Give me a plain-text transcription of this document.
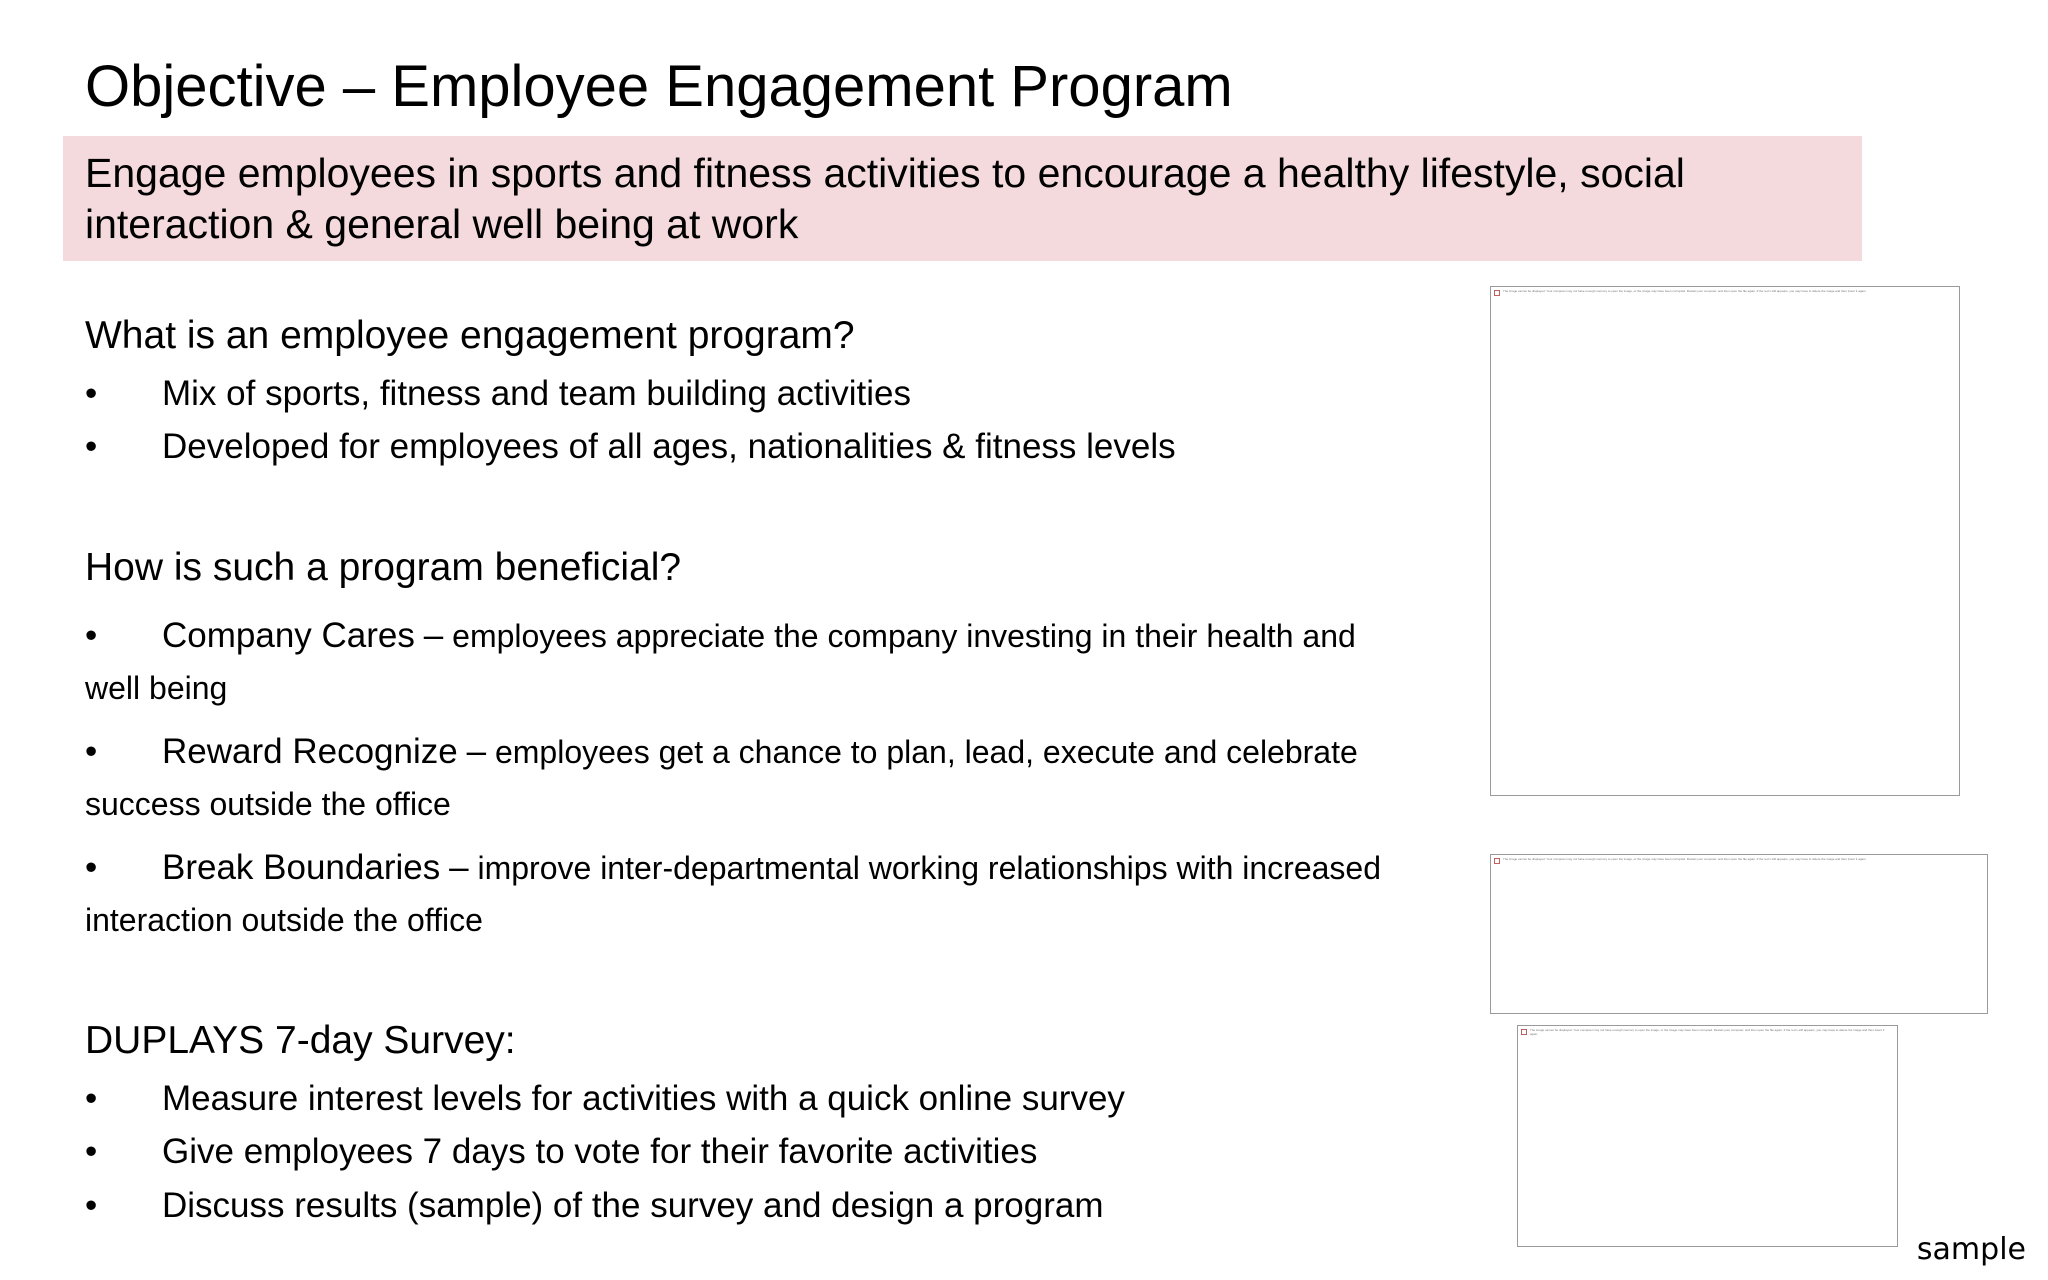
Objective – Employee Engagement Program

Engage employees in sports and fitness activities to encourage a healthy lifestyle, social interaction & general well being at work

What is an employee engagement program?
•	Mix of sports, fitness and team building activities
•	Developed for employees of all ages, nationalities & fitness levels
How is such a program beneficial?
• Company Cares – employees appreciate the company investing in their health and well being
• Reward Recognize – employees get a chance to plan, lead, execute and celebrate success outside the office
• Break Boundaries – improve inter-departmental working relationships with increased interaction outside the office
DUPLAYS 7-day Survey:
•	Measure interest levels for activities with a quick online survey
•	Give employees 7 days to vote for their favorite activities
•	Discuss results (sample) of the survey and design a program
The image cannot be displayed. Your computer may not have enough memory to open the image, or the image may have been corrupted. Restart your computer, and then open the file again. If the red x still appears, you may have to delete the image and then insert it again.
The image cannot be displayed. Your computer may not have enough memory to open the image, or the image may have been corrupted. Restart your computer, and then open the file again. If the red x still appears, you may have to delete the image and then insert it again.
The image cannot be displayed. Your computer may not have enough memory to open the image, or the image may have been corrupted. Restart your computer, and then open the file again. If the red x still appears, you may have to delete the image and then insert it again.
sample
